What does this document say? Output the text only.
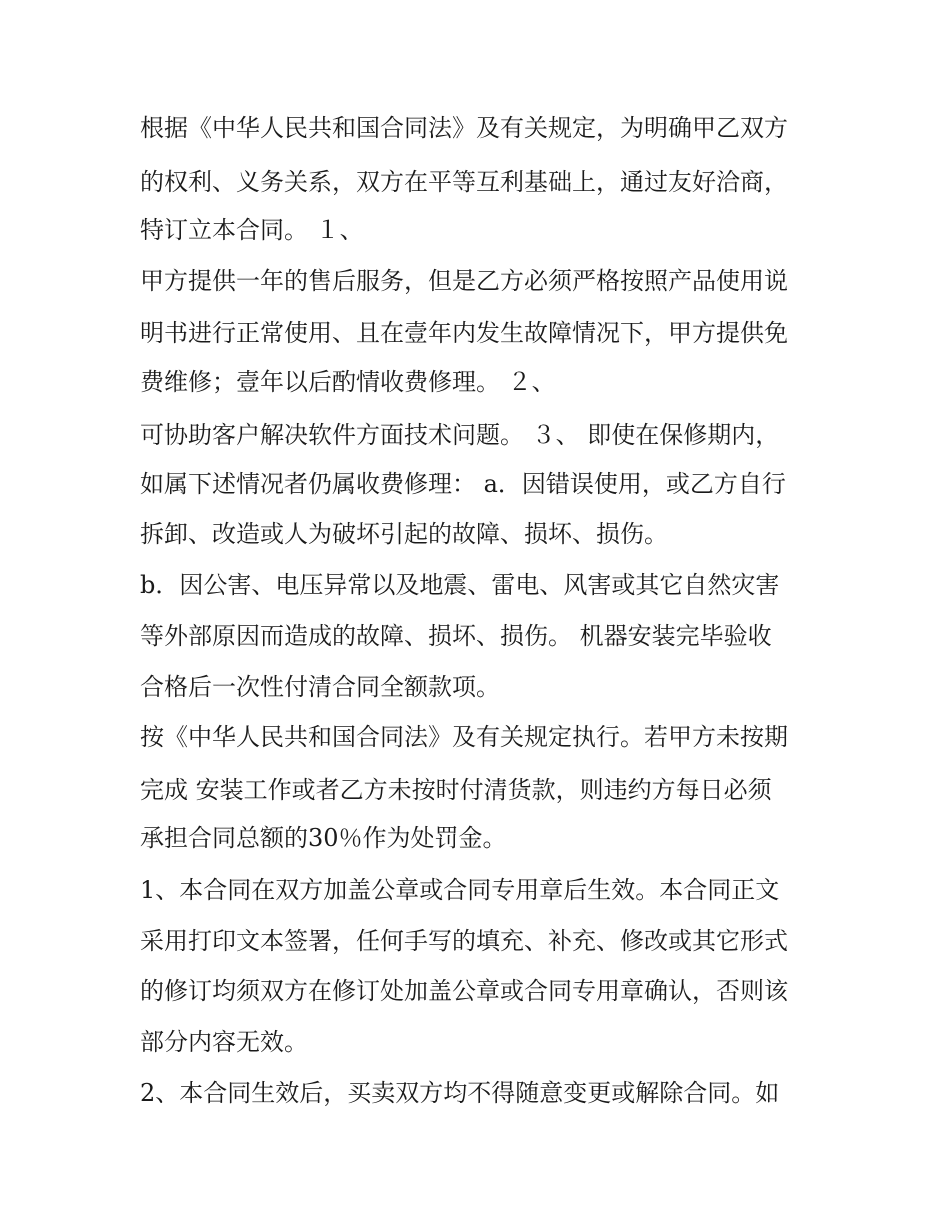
根据《中华人民共和国合同法》及有关规定，为明确甲乙双方
的权利、义务关系，双方在平等互利基础上，通过友好洽商，
特订立本合同。 １、
甲方提供一年的售后服务，但是乙方必须严格按照产品使用说
明书进行正常使用、且在壹年内发生故障情况下，甲方提供免
费维修；壹年以后酌情收费修理。 ２、
可协助客户解决软件方面技术问题。 ３、 即使在保修期内，
如属下述情况者仍属收费修理： a．因错误使用，或乙方自行
拆卸、改造或人为破坏引起的故障、损坏、损伤。
b．因公害、电压异常以及地震、雷电、风害或其它自然灾害
等外部原因而造成的故障、损坏、损伤。 机器安装完毕验收
合格后一次性付清合同全额款项。
按《中华人民共和国合同法》及有关规定执行。若甲方未按期
完成 安装工作或者乙方未按时付清货款，则违约方每日必须
承担合同总额的30％作为处罚金。
1、本合同在双方加盖公章或合同专用章后生效。本合同正文
采用打印文本签署，任何手写的填充、补充、修改或其它形式
的修订均须双方在修订处加盖公章或合同专用章确认，否则该
部分内容无效。
2、本合同生效后，买卖双方均不得随意变更或解除合同。如
